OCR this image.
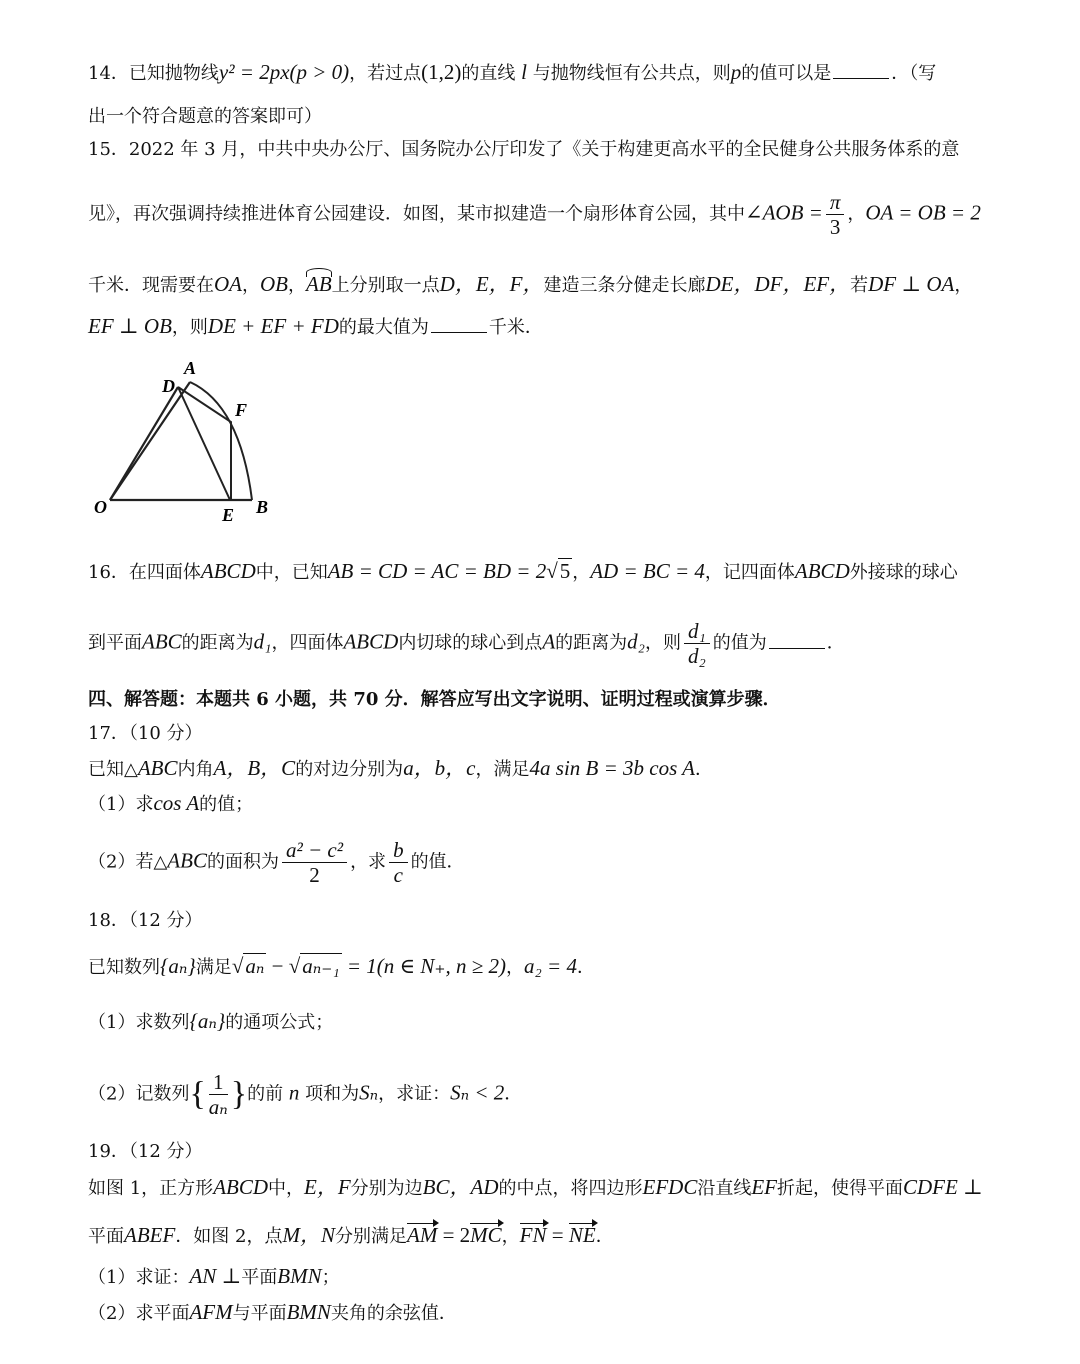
14．已知抛物线y² = 2px(p > 0)，若过点(1,2)的直线 l 与抛物线恒有公共点，则p的值可以是	．（写
出一个符合题意的答案即可）
15．2022 年 3 月，中共中央办公厅、国务院办公厅印发了《关于构建更高水平的全民健身公共服务体系的意
见》，再次强调持续推进体育公园建设．如图，某市拟建造一个扇形体育公园，其中∠AOB = $\frac{\pi}{3}$ ，OA = OB = 2
千米．现需要在OA，OB，AB上分别取一点D，E，F，建造三条分健走长廊DE，DF，EF，若DF ⊥ OA，
EF ⊥ OB，则DE + EF + FD的最大值为	千米．
A
D
F
O	E B
16．在四面体ABCD中，已知AB = CD = AC = BD = 2√5 ，AD = BC = 4，记四面体ABCD外接球的球心
到平面ABC的距离为d₁，四面体ABCD内切球的球心到点A的距离为d₂，则 $\frac{\text{d₁}}{\text{d₂}}$ 的值为	．
四、解答题：本题共 6 小题，共 70 分．解答应写出文字说明、证明过程或演算步骤．
17．（10 分）
已知△ABC内角A，B，C的对边分别为a，b，c，满足4a sin B = 3b cos A．
（1）求cos A的值；
（2）若△ABC的面积为 $\frac{\text{a² − c²}}{2}$ ，求 $\frac{b}{c}$ 的值．
18．（12 分）
已知数列{aₙ}满足√aₙ − √aₙ₋₁ = 1(n ∈ N₊, n ≥ 2)，a₂ = 4．
（1）求数列{aₙ}的通项公式；
（2）记数列{ $\frac{1}{\text{aₙ}}$ }的前 n 项和为Sₙ，求证：Sₙ < 2．
19．（12 分）
如图 1，正方形ABCD中，E，F分别为边BC，AD的中点，将四边形EFDC沿直线EF折起，使得平面CDFE ⊥
平面ABEF．如图 2，点M，N分别满足AM = 2MC，FN = NE．
（1）求证：AN ⊥平面BMN；
（2）求平面AFM与平面BMN夹角的余弦值．
